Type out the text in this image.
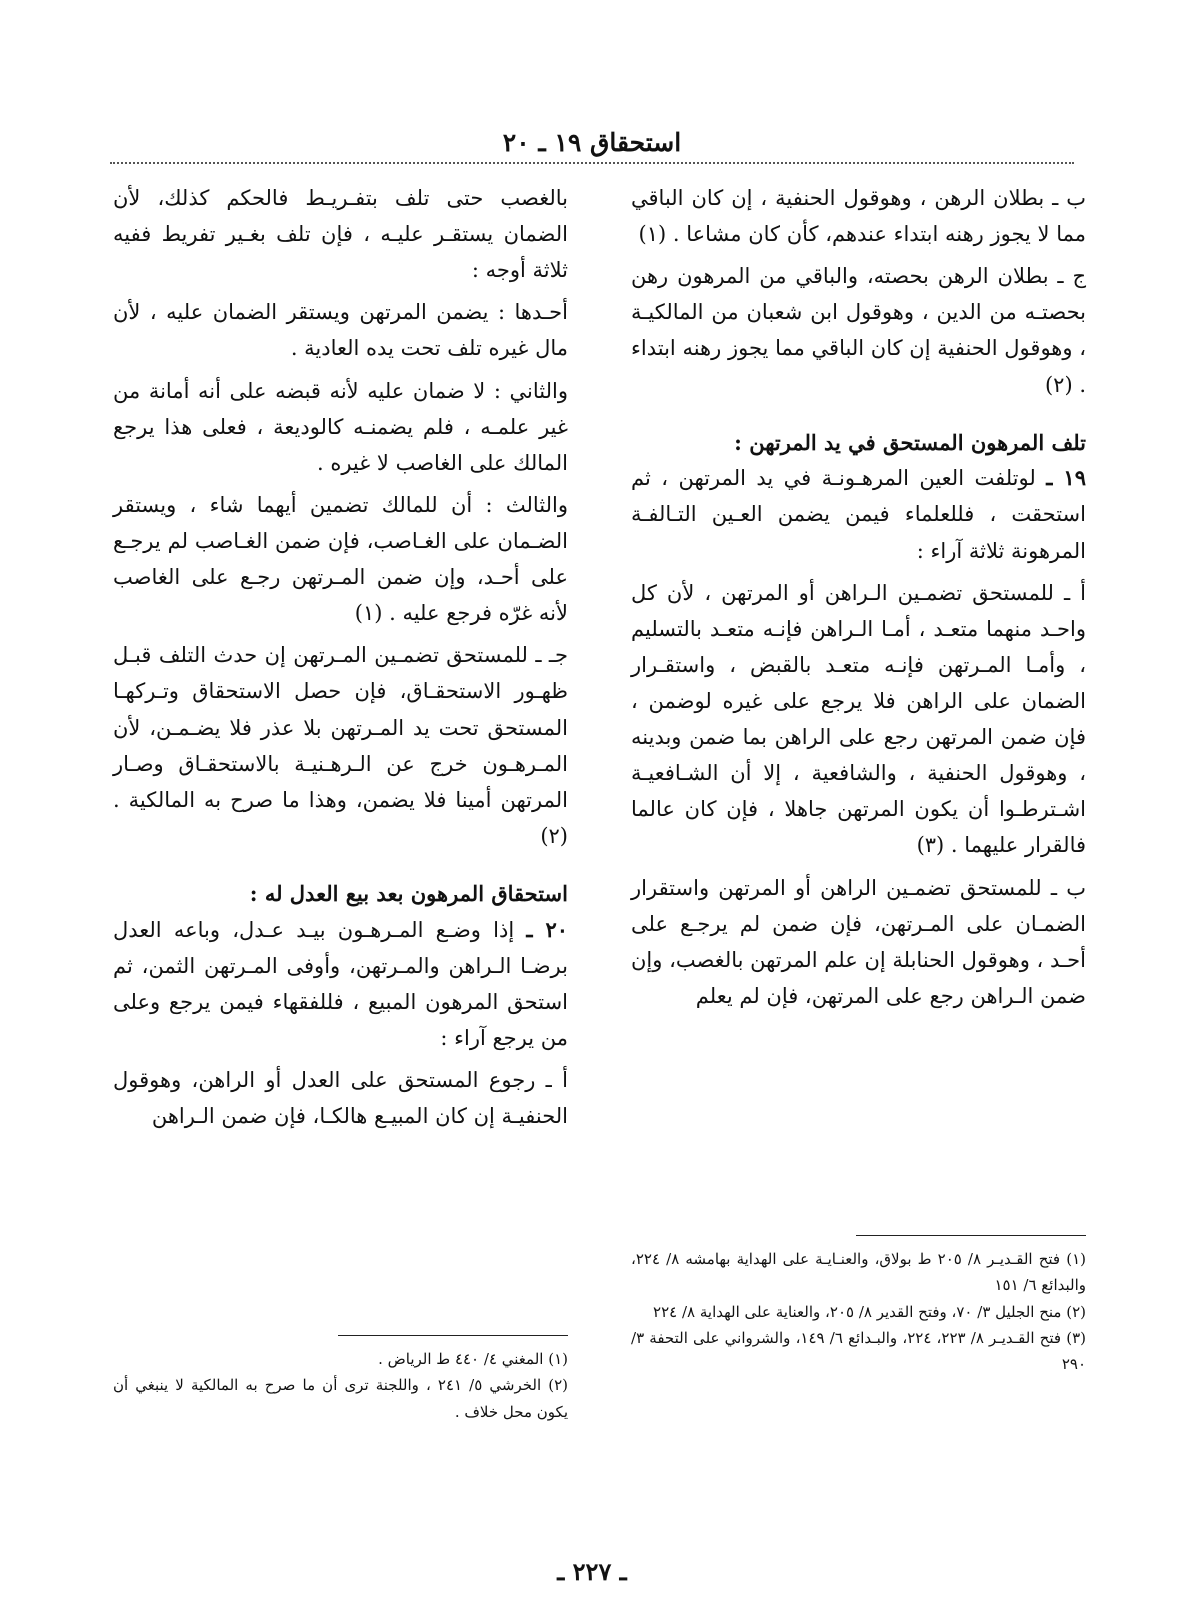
استحقاق ١٩ ـ ٢٠

ب ـ بطلان الرهن ، وهوقول الحنفية ، إن كان الباقي مما لا يجوز رهنه ابتداء عندهم، كأن كان مشاعا . (١)

ج ـ بطلان الرهن بحصته، والباقي من المرهون رهن بحصتـه من الدين ، وهوقول ابن شعبان من المالكيـة ، وهوقول الحنفية إن كان الباقي مما يجوز رهنه ابتداء . (٢)

تلف المرهون المستحق في يد المرتهن :

١٩ ـ لوتلفت العين المرهـونـة في يد المرتهن ، ثم استحقت ، فللعلماء فيمن يضمن العـين التـالفـة المرهونة ثلاثة آراء :

أ ـ للمستحق تضمـين الـراهن أو المرتهن ، لأن كل واحـد منهما متعـد ، أمـا الـراهن فإنـه متعـد بالتسليم ، وأمـا المـرتهن فإنـه متعـد بالقبض ، واستقـرار الضمان على الراهن فلا يرجع على غيره لوضمن ، فإن ضمن المرتهن رجع على الراهن بما ضمن وبدينه ، وهوقول الحنفية ، والشافعية ، إلا أن الشـافعيـة اشـترطـوا أن يكون المرتهن جاهلا ، فإن كان عالما فالقرار عليهما . (٣)

ب ـ للمستحق تضمـين الراهن أو المرتهن واستقرار الضمـان على المـرتهن، فإن ضمن لم يرجـع على أحـد ، وهوقول الحنابلة إن علم المرتهن بالغصب، وإن ضمن الـراهن رجع على المرتهن، فإن لم يعلم

بالغصب حتى تلف بتفـريـط فالحكم كذلك، لأن الضمان يستقـر عليـه ، فإن تلف بغـير تفريط ففيه ثلاثة أوجه :

أحـدها : يضمن المرتهن ويستقر الضمان عليه ، لأن مال غيره تلف تحت يده العادية .

والثاني : لا ضمان عليه لأنه قبضه على أنه أمانة من غير علمـه ، فلم يضمنـه كالوديعة ، فعلى هذا يرجع المالك على الغاصب لا غيره .

والثالث : أن للمالك تضمين أيهما شاء ، ويستقر الضـمان على الغـاصب، فإن ضمن الغـاصب لم يرجـع على أحـد، وإن ضمن المـرتهن رجـع على الغاصب لأنه غرّه فرجع عليه . (١)

جـ ـ للمستحق تضمـين المـرتهن إن حدث التلف قبـل ظهـور الاستحقـاق، فإن حصل الاستحقاق وتـركهـا المستحق تحت يد المـرتهن بلا عذر فلا يضـمـن، لأن المـرهـون خرج عن الـرهـنيـة بالاستحقـاق وصـار المرتهن أمينا فلا يضمن، وهذا ما صرح به المالكية . (٢)

استحقاق المرهون بعد بيع العدل له :

٢٠ ـ إذا وضـع المـرهـون بيـد عـدل، وباعه العدل برضـا الـراهن والمـرتهن، وأوفى المـرتهن الثمن، ثم استحق المرهون المبيع ، فللفقهاء فيمن يرجع وعلى من يرجع آراء :

أ ـ رجوع المستحق على العدل أو الراهن، وهوقول الحنفيـة إن كان المبيـع هالكـا، فإن ضمن الـراهن

(١) فتح القـديـر ٨/ ٢٠٥ ط بولاق، والعنـايـة على الهداية بهامشه ٨/ ٢٢٤، والبدائع ٦/ ١٥١

(٢) منح الجليل ٣/ ٧٠، وفتح القدير ٨/ ٢٠٥، والعناية على الهداية ٨/ ٢٢٤

(٣) فتح القـديـر ٨/ ٢٢٣، ٢٢٤، والبـدائع ٦/ ١٤٩، والشرواني على التحفة ٣/ ٢٩٠

(١) المغني ٤/ ٤٤٠ ط الرياض .

(٢) الخرشي ٥/ ٢٤١ ، واللجنة ترى أن ما صرح به المالكية لا ينبغي أن يكون محل خلاف .

ـ ٢٢٧ ـ
